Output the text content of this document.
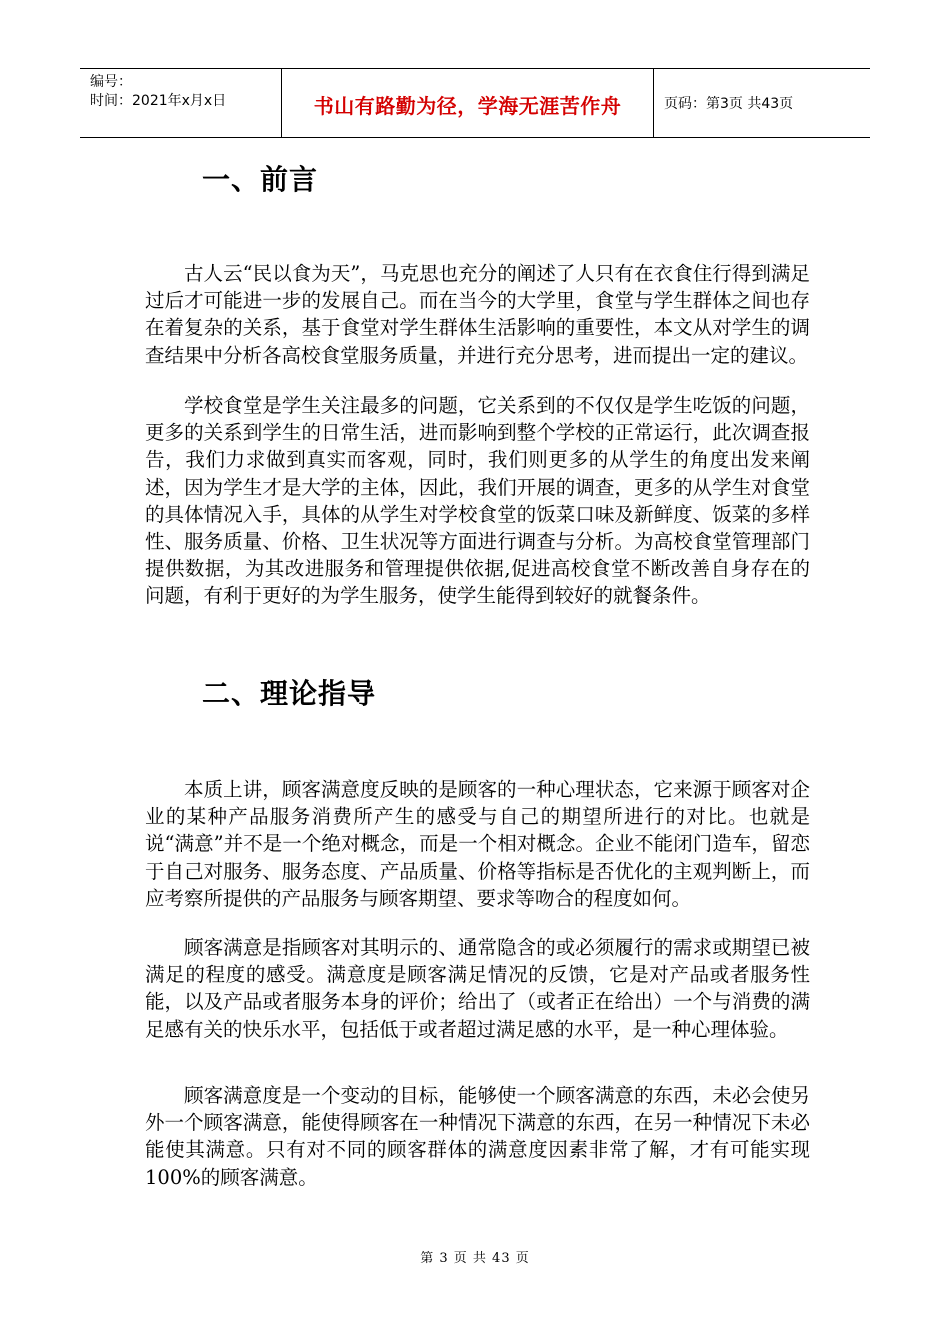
编号：
时间：2021年x月x日	书山有路勤为径，学海无涯苦作舟	页码：第3页 共43页
一、前言

古人云“民以食为天”，马克思也充分的阐述了人只有在衣食住行得到满足过后才可能进一步的发展自己。而在当今的大学里，食堂与学生群体之间也存在着复杂的关系，基于食堂对学生群体生活影响的重要性，本文从对学生的调查结果中分析各高校食堂服务质量，并进行充分思考，进而提出一定的建议。

学校食堂是学生关注最多的问题，它关系到的不仅仅是学生吃饭的问题，更多的关系到学生的日常生活，进而影响到整个学校的正常运行，此次调查报告，我们力求做到真实而客观，同时，我们则更多的从学生的角度出发来阐述，因为学生才是大学的主体，因此，我们开展的调查，更多的从学生对食堂的具体情况入手，具体的从学生对学校食堂的饭菜口味及新鲜度、饭菜的多样性、服务质量、价格、卫生状况等方面进行调查与分析。为高校食堂管理部门提供数据，为其改进服务和管理提供依据,促进高校食堂不断改善自身存在的问题，有利于更好的为学生服务，使学生能得到较好的就餐条件。

二、理论指导

本质上讲，顾客满意度反映的是顾客的一种心理状态，它来源于顾客对企业的某种产品服务消费所产生的感受与自己的期望所进行的对比。也就是说“满意”并不是一个绝对概念，而是一个相对概念。企业不能闭门造车，留恋于自己对服务、服务态度、产品质量、价格等指标是否优化的主观判断上，而应考察所提供的产品服务与顾客期望、要求等吻合的程度如何。

顾客满意是指顾客对其明示的、通常隐含的或必须履行的需求或期望已被满足的程度的感受。满意度是顾客满足情况的反馈，它是对产品或者服务性能，以及产品或者服务本身的评价；给出了（或者正在给出）一个与消费的满足感有关的快乐水平，包括低于或者超过满足感的水平，是一种心理体验。

顾客满意度是一个变动的目标，能够使一个顾客满意的东西，未必会使另外一个顾客满意，能使得顾客在一种情况下满意的东西，在另一种情况下未必能使其满意。只有对不同的顾客群体的满意度因素非常了解，才有可能实现100%的顾客满意。

第 3 页 共 43 页
